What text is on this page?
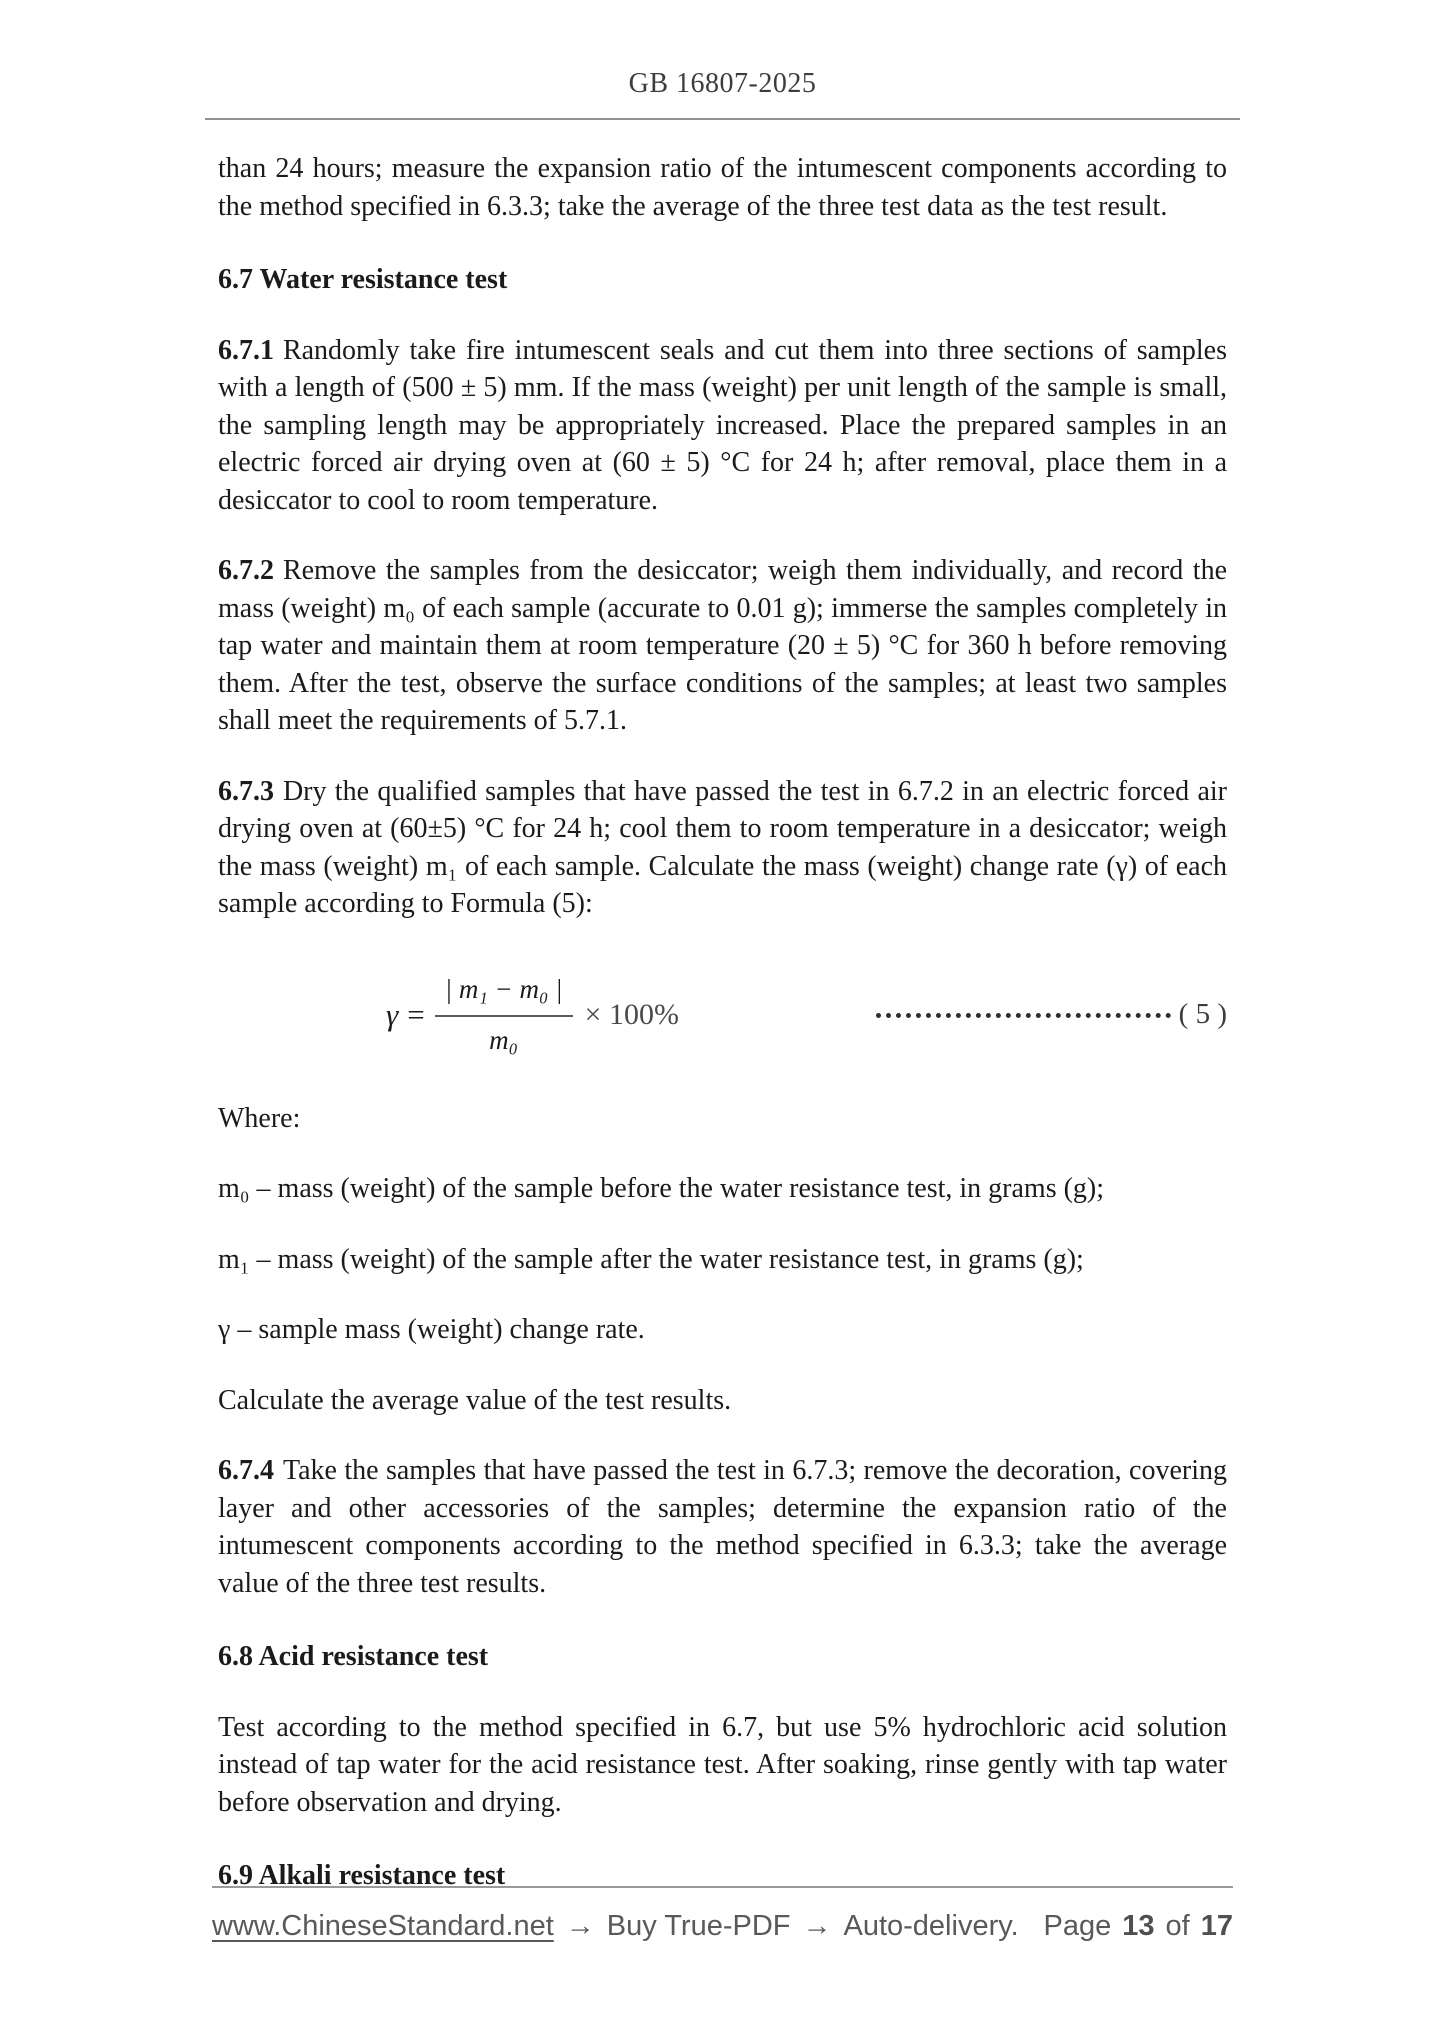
GB 16807-2025

than 24 hours; measure the expansion ratio of the intumescent components according to the method specified in 6.3.3; take the average of the three test data as the test result.

6.7 Water resistance test

6.7.1 Randomly take fire intumescent seals and cut them into three sections of samples with a length of (500 ± 5) mm. If the mass (weight) per unit length of the sample is small, the sampling length may be appropriately increased. Place the prepared samples in an electric forced air drying oven at (60 ± 5) °C for 24 h; after removal, place them in a desiccator to cool to room temperature.

6.7.2 Remove the samples from the desiccator; weigh them individually, and record the mass (weight) m₀ of each sample (accurate to 0.01 g); immerse the samples completely in tap water and maintain them at room temperature (20 ± 5) °C for 360 h before removing them. After the test, observe the surface conditions of the samples; at least two samples shall meet the requirements of 5.7.1.

6.7.3 Dry the qualified samples that have passed the test in 6.7.2 in an electric forced air drying oven at (60±5) °C for 24 h; cool them to room temperature in a desiccator; weigh the mass (weight) m₁ of each sample. Calculate the mass (weight) change rate (γ) of each sample according to Formula (5):

$\gamma = \frac{\text{| m₁ − m₀ |}}{\text{m₀}} \times 100\%$	( 5 )

Where:

m₀ – mass (weight) of the sample before the water resistance test, in grams (g);

m₁ – mass (weight) of the sample after the water resistance test, in grams (g);

γ – sample mass (weight) change rate.

Calculate the average value of the test results.

6.7.4 Take the samples that have passed the test in 6.7.3; remove the decoration, covering layer and other accessories of the samples; determine the expansion ratio of the intumescent components according to the method specified in 6.3.3; take the average value of the three test results.

6.8 Acid resistance test

Test according to the method specified in 6.7, but use 5% hydrochloric acid solution instead of tap water for the acid resistance test. After soaking, rinse gently with tap water before observation and drying.

6.9 Alkali resistance test

www.ChineseStandard.net → Buy True-PDF → Auto-delivery. Page 13 of 17
